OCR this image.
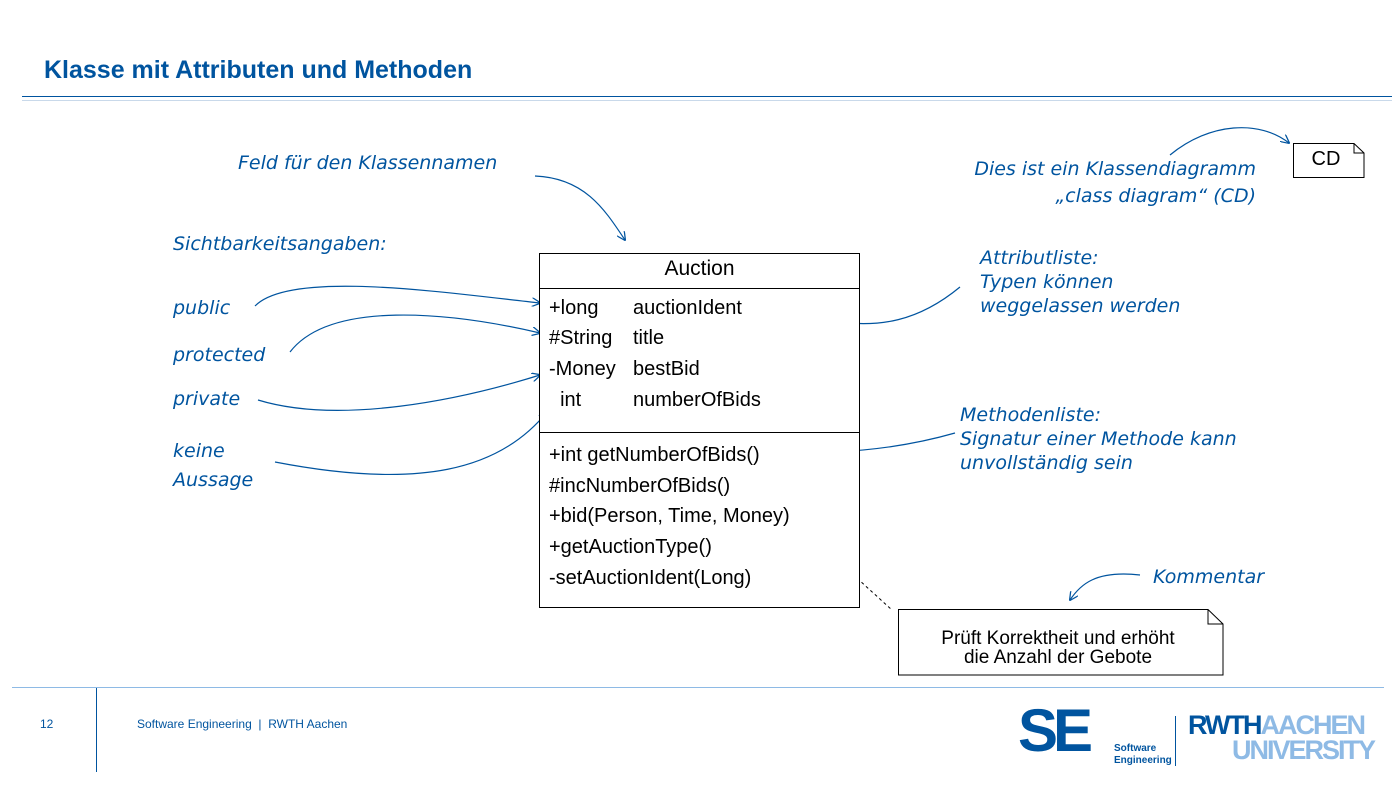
Klasse mit Attributen und Methoden
Feld für den Klassennamen
Sichtbarkeitsangaben:
public
protected
private
keine
Aussage
Dies ist ein Klassendiagramm
„class diagram“ (CD)
Attributliste:
Typen können
weggelassen werden
Methodenliste:
Signatur einer Methode kann
unvollständig sein
Kommentar
CD
Auction
+long auctionIdent
#String title
-Money bestBid
int	numberOfBids
+int getNumberOfBids()
#incNumberOfBids()
+bid(Person, Time, Money)
+getAuctionType()
-setAuctionIdent(Long)
Prüft Korrektheit und erhöht
die Anzahl der Gebote
12	Software Engineering  |  RWTH Aachen	SE	Software
Engineering
RWTHAACHEN
UNIVERSITY
